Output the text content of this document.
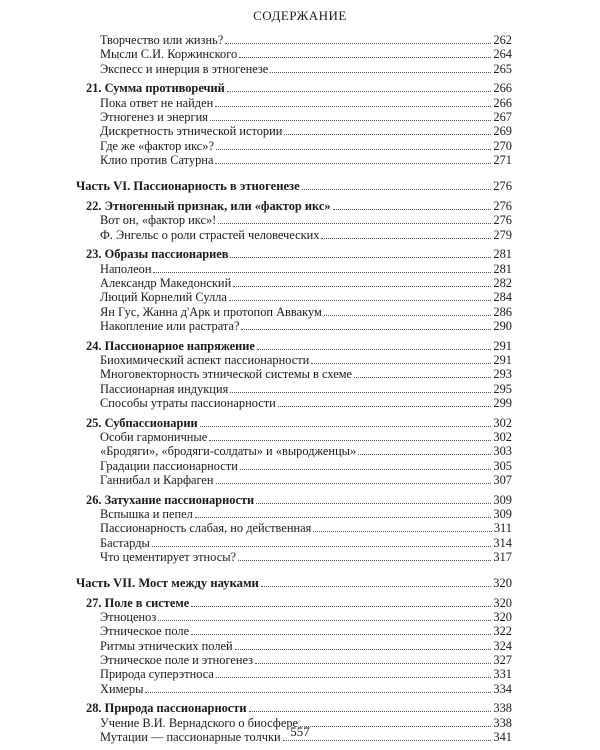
СОДЕРЖАНИЕ
Творчество или жизнь?	262
Мысли С.И. Коржинского	264
Экспесс и инерция в этногенезе	265
21. Сумма противоречий	266
Пока ответ не найден	266
Этногенез и энергия	267
Дискретность этнической истории	269
Где же «фактор икс»?	270
Клио против Сатурна	271
Часть VI. Пассионарность в этногенезе	276
22. Этногенный признак, или «фактор икс»	276
Вот он, «фактор икс»!	276
Ф. Энгельс о роли страстей человеческих	279
23. Образы пассионариев	281
Наполеон	281
Александр Македонский	282
Люций Корнелий Сулла	284
Ян Гус, Жанна д'Арк и протопоп Аввакум	286
Накопление или растрата?	290
24. Пассионарное напряжение	291
Биохимический аспект пассионарности	291
Многовекторность этнической системы в схеме	293
Пассионарная индукция	295
Способы утраты пассионарности	299
25. Субпассионарии	302
Особи гармоничные	302
«Бродяги», «бродяги-солдаты» и «выродженцы»	303
Градации пассионарности	305
Ганнибал и Карфаген	307
26. Затухание пассионарности	309
Вспышка и пепел	309
Пассионарность слабая, но действенная	311
Бастарды	314
Что цементирует этносы?	317
Часть VII. Мост между науками	320
27. Поле в системе	320
Этноценоз	320
Этническое поле	322
Ритмы этнических полей	324
Этническое поле и этногенез	327
Природа суперэтноса	331
Химеры	334
28. Природа пассионарности	338
Учение В.И. Вернадского о биосфере	338
Мутации — пассионарные толчки	341
557
